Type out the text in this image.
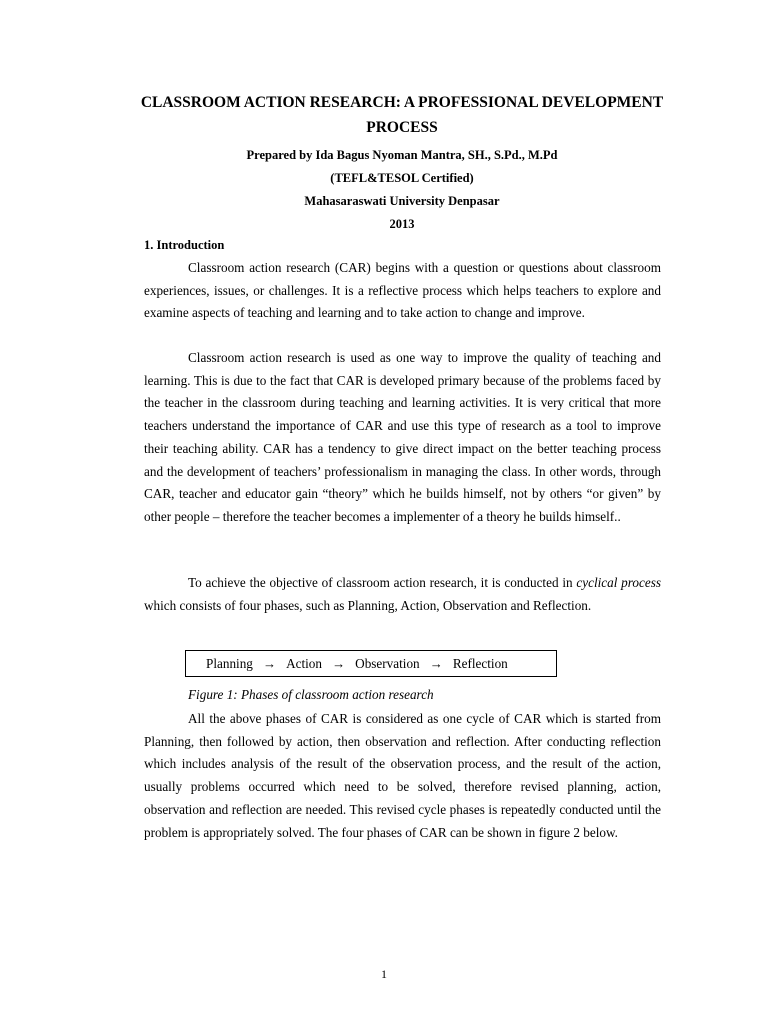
CLASSROOM ACTION RESEARCH: A PROFESSIONAL DEVELOPMENT PROCESS
Prepared by Ida Bagus Nyoman Mantra, SH., S.Pd., M.Pd
(TEFL&TESOL Certified)
Mahasaraswati University Denpasar
2013
1. Introduction

Classroom action research (CAR) begins with a question or questions about classroom experiences, issues, or challenges. It is a reflective process which helps teachers to explore and examine aspects of teaching and learning and to take action to change and improve.

Classroom action research is used as one way to improve the quality of teaching and learning. This is due to the fact that CAR is developed primary because of the problems faced by the teacher in the classroom during teaching and learning activities. It is very critical that more teachers understand the importance of CAR and use this type of research as a tool to improve their teaching ability. CAR has a tendency to give direct impact on the better teaching process and the development of teachers’ professionalism in managing the class. In other words, through CAR, teacher and educator gain “theory” which he builds himself, not by others “or given” by other people – therefore the teacher becomes a implementer of a theory he builds himself..

To achieve the objective of classroom action research, it is conducted in cyclical process which consists of four phases, such as Planning, Action, Observation and Reflection.

Planning → Action → Observation → Reflection
Figure 1: Phases of classroom action research

All the above phases of CAR is considered as one cycle of CAR which is started from Planning, then followed by action, then observation and reflection. After conducting reflection which includes analysis of the result of the observation process, and the result of the action, usually problems occurred which need to be solved, therefore revised planning, action, observation and reflection are needed. This revised cycle phases is repeatedly conducted until the problem is appropriately solved. The four phases of CAR can be shown in figure 2 below.

1
